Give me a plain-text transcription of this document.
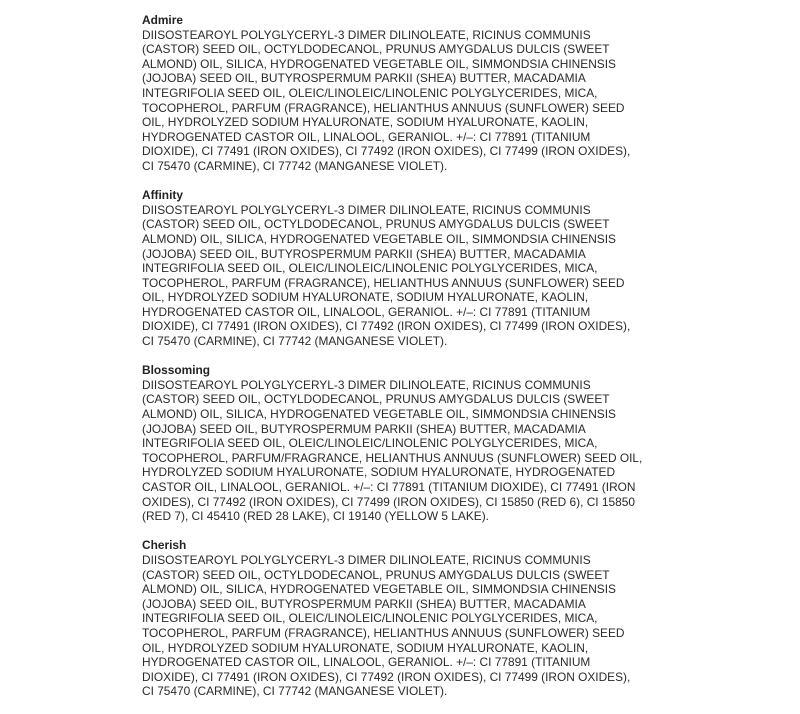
Admire
DIISOSTEAROYL POLYGLYCERYL-3 DIMER DILINOLEATE, RICINUS COMMUNIS
(CASTOR) SEED OIL, OCTYLDODECANOL, PRUNUS AMYGDALUS DULCIS (SWEET
ALMOND) OIL, SILICA, HYDROGENATED VEGETABLE OIL, SIMMONDSIA CHINENSIS
(JOJOBA) SEED OIL, BUTYROSPERMUM PARKII (SHEA) BUTTER, MACADAMIA
INTEGRIFOLIA SEED OIL, OLEIC/LINOLEIC/LINOLENIC POLYGLYCERIDES, MICA,
TOCOPHEROL, PARFUM (FRAGRANCE), HELIANTHUS ANNUUS (SUNFLOWER) SEED
OIL, HYDROLYZED SODIUM HYALURONATE, SODIUM HYALURONATE, KAOLIN,
HYDROGENATED CASTOR OIL, LINALOOL, GERANIOL. +/–: CI 77891 (TITANIUM
DIOXIDE), CI 77491 (IRON OXIDES), CI 77492 (IRON OXIDES), CI 77499 (IRON OXIDES),
CI 75470 (CARMINE), CI 77742 (MANGANESE VIOLET).
Affinity
DIISOSTEAROYL POLYGLYCERYL-3 DIMER DILINOLEATE, RICINUS COMMUNIS
(CASTOR) SEED OIL, OCTYLDODECANOL, PRUNUS AMYGDALUS DULCIS (SWEET
ALMOND) OIL, SILICA, HYDROGENATED VEGETABLE OIL, SIMMONDSIA CHINENSIS
(JOJOBA) SEED OIL, BUTYROSPERMUM PARKII (SHEA) BUTTER, MACADAMIA
INTEGRIFOLIA SEED OIL, OLEIC/LINOLEIC/LINOLENIC POLYGLYCERIDES, MICA,
TOCOPHEROL, PARFUM (FRAGRANCE), HELIANTHUS ANNUUS (SUNFLOWER) SEED
OIL, HYDROLYZED SODIUM HYALURONATE, SODIUM HYALURONATE, KAOLIN,
HYDROGENATED CASTOR OIL, LINALOOL, GERANIOL. +/–: CI 77891 (TITANIUM
DIOXIDE), CI 77491 (IRON OXIDES), CI 77492 (IRON OXIDES), CI 77499 (IRON OXIDES),
CI 75470 (CARMINE), CI 77742 (MANGANESE VIOLET).
Blossoming
DIISOSTEAROYL POLYGLYCERYL-3 DIMER DILINOLEATE, RICINUS COMMUNIS
(CASTOR) SEED OIL, OCTYLDODECANOL, PRUNUS AMYGDALUS DULCIS (SWEET
ALMOND) OIL, SILICA, HYDROGENATED VEGETABLE OIL, SIMMONDSIA CHINENSIS
(JOJOBA) SEED OIL, BUTYROSPERMUM PARKII (SHEA) BUTTER, MACADAMIA
INTEGRIFOLIA SEED OIL, OLEIC/LINOLEIC/LINOLENIC POLYGLYCERIDES, MICA,
TOCOPHEROL, PARFUM/FRAGRANCE, HELIANTHUS ANNUUS (SUNFLOWER) SEED OIL,
HYDROLYZED SODIUM HYALURONATE, SODIUM HYALURONATE, HYDROGENATED
CASTOR OIL, LINALOOL, GERANIOL. +/–: CI 77891 (TITANIUM DIOXIDE), CI 77491 (IRON
OXIDES), CI 77492 (IRON OXIDES), CI 77499 (IRON OXIDES), CI 15850 (RED 6), CI 15850
(RED 7), CI 45410 (RED 28 LAKE), CI 19140 (YELLOW 5 LAKE).
Cherish
DIISOSTEAROYL POLYGLYCERYL-3 DIMER DILINOLEATE, RICINUS COMMUNIS
(CASTOR) SEED OIL, OCTYLDODECANOL, PRUNUS AMYGDALUS DULCIS (SWEET
ALMOND) OIL, SILICA, HYDROGENATED VEGETABLE OIL, SIMMONDSIA CHINENSIS
(JOJOBA) SEED OIL, BUTYROSPERMUM PARKII (SHEA) BUTTER, MACADAMIA
INTEGRIFOLIA SEED OIL, OLEIC/LINOLEIC/LINOLENIC POLYGLYCERIDES, MICA,
TOCOPHEROL, PARFUM (FRAGRANCE), HELIANTHUS ANNUUS (SUNFLOWER) SEED
OIL, HYDROLYZED SODIUM HYALURONATE, SODIUM HYALURONATE, KAOLIN,
HYDROGENATED CASTOR OIL, LINALOOL, GERANIOL. +/–: CI 77891 (TITANIUM
DIOXIDE), CI 77491 (IRON OXIDES), CI 77492 (IRON OXIDES), CI 77499 (IRON OXIDES),
CI 75470 (CARMINE), CI 77742 (MANGANESE VIOLET).
